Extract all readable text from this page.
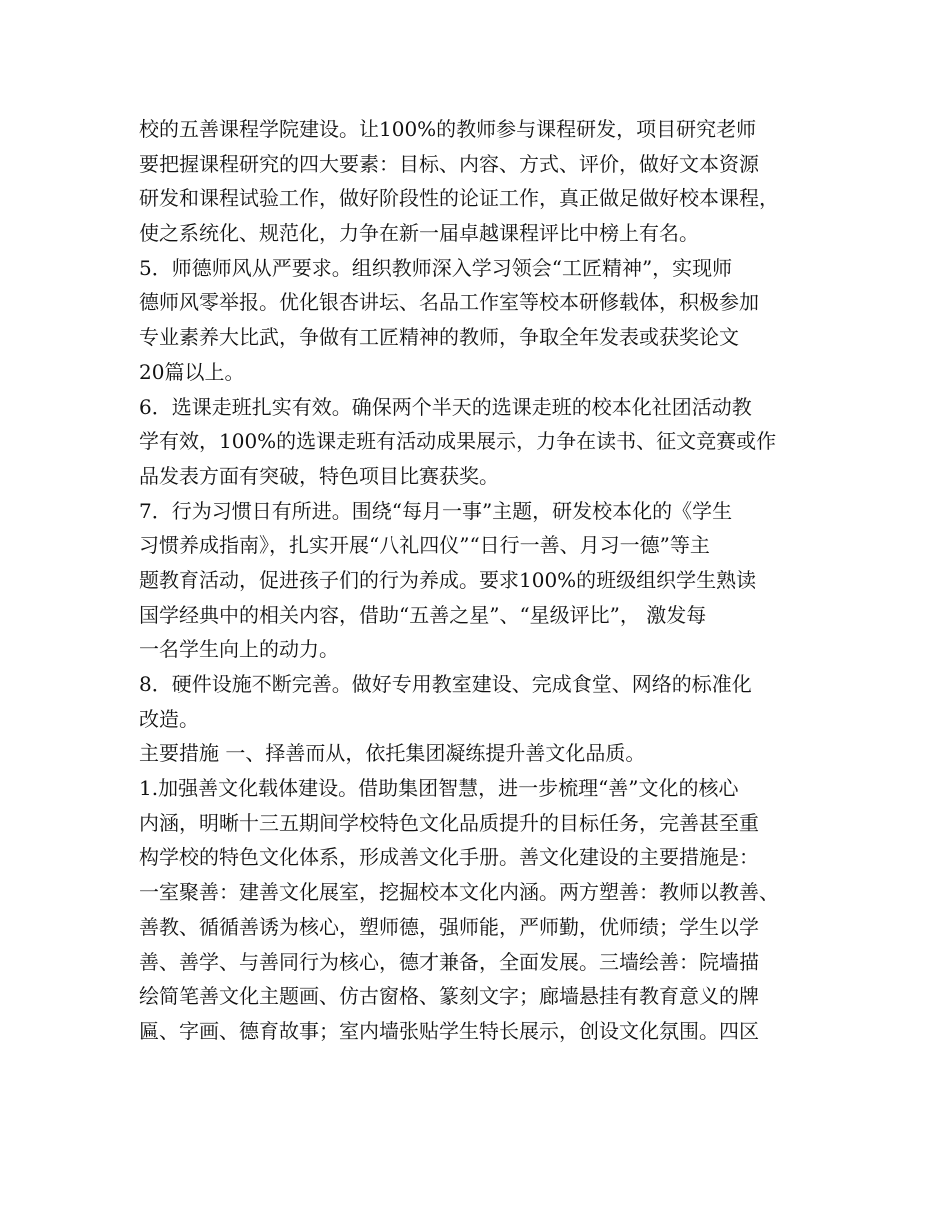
校的五善课程学院建设。让100%的教师参与课程研发，项目研究老师
要把握课程研究的四大要素：目标、内容、方式、评价，做好文本资源
研发和课程试验工作，做好阶段性的论证工作，真正做足做好校本课程，
使之系统化、规范化，力争在新一届卓越课程评比中榜上有名。
5．师德师风从严要求。组织教师深入学习领会“工匠精神”，实现师
德师风零举报。优化银杏讲坛、名品工作室等校本研修载体，积极参加
专业素养大比武，争做有工匠精神的教师，争取全年发表或获奖论文
20篇以上。
6．选课走班扎实有效。确保两个半天的选课走班的校本化社团活动教
学有效，100%的选课走班有活动成果展示，力争在读书、征文竞赛或作
品发表方面有突破，特色项目比赛获奖。
7．行为习惯日有所进。围绕“每月一事”主题，研发校本化的《学生
习惯养成指南》，扎实开展“八礼四仪”“日行一善、月习一德”等主
题教育活动，促进孩子们的行为养成。要求100%的班级组织学生熟读
国学经典中的相关内容，借助“五善之星”、“星级评比”， 激发每
一名学生向上的动力。
8．硬件设施不断完善。做好专用教室建设、完成食堂、网络的标准化
改造。
主要措施 一、择善而从，依托集团凝练提升善文化品质。
1.加强善文化载体建设。借助集团智慧，进一步梳理“善”文化的核心
内涵，明晰十三五期间学校特色文化品质提升的目标任务，完善甚至重
构学校的特色文化体系，形成善文化手册。善文化建设的主要措施是：
一室聚善：建善文化展室，挖掘校本文化内涵。两方塑善：教师以教善、
善教、循循善诱为核心，塑师德，强师能，严师勤，优师绩；学生以学
善、善学、与善同行为核心，德才兼备，全面发展。三墙绘善：院墙描
绘简笔善文化主题画、仿古窗格、篆刻文字；廊墙悬挂有教育意义的牌
匾、字画、德育故事；室内墙张贴学生特长展示，创设文化氛围。四区
